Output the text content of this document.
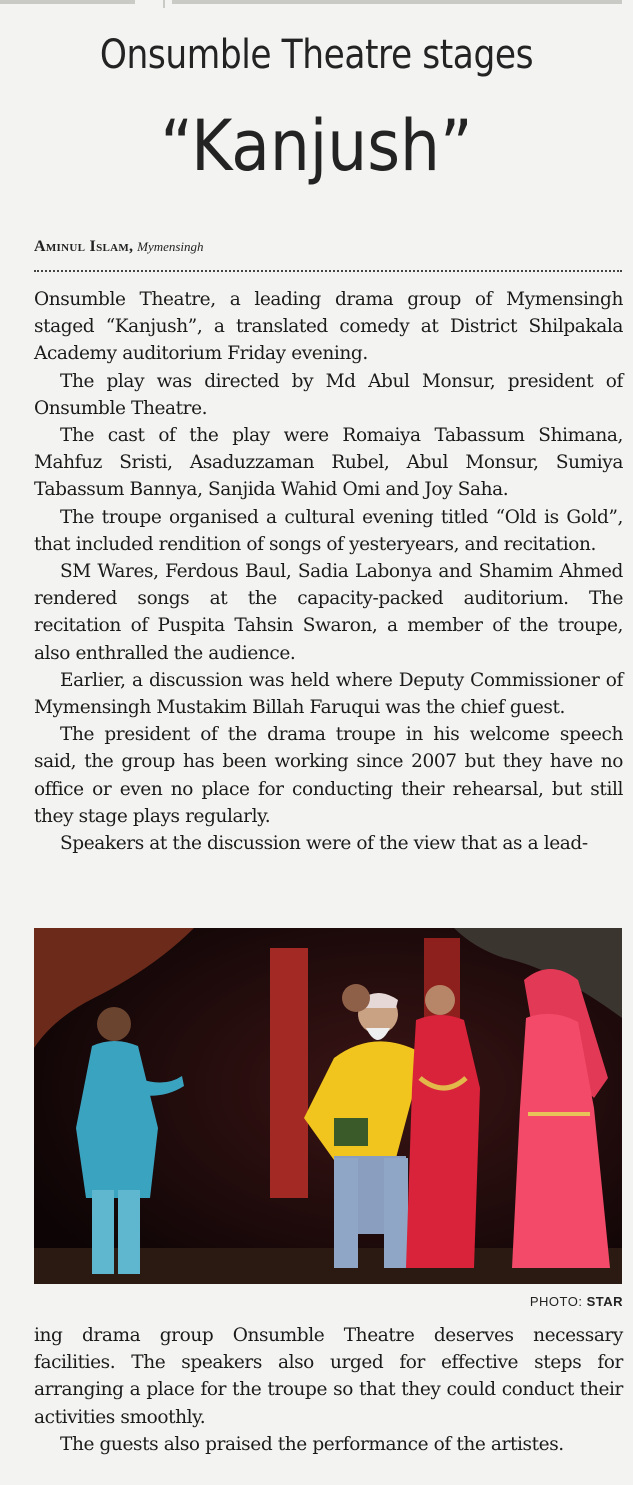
Onsumble Theatre stages
“Kanjush”
Aminul Islam, Mymensingh

Onsumble Theatre, a leading drama group of Mymensingh staged “Kanjush”, a translated comedy at District Shilpakala Academy auditorium Friday evening.

The play was directed by Md Abul Monsur, president of Onsumble Theatre.

The cast of the play were Romaiya Tabassum Shimana, Mahfuz Sristi, Asaduzzaman Rubel, Abul Monsur, Sumiya Tabassum Bannya, Sanjida Wahid Omi and Joy Saha.

The troupe organised a cultural evening titled “Old is Gold”, that included rendition of songs of yesteryears, and recitation.

SM Wares, Ferdous Baul, Sadia Labonya and Shamim Ahmed rendered songs at the capacity-packed auditorium. The recitation of Puspita Tahsin Swaron, a member of the troupe, also enthralled the audience.

Earlier, a discussion was held where Deputy Commissioner of Mymensingh Mustakim Billah Faruqui was the chief guest.

The president of the drama troupe in his welcome speech said, the group has been working since 2007 but they have no office or even no place for conducting their rehearsal, but still they stage plays regularly.

Speakers at the discussion were of the view that as a lead-

PHOTO: STAR

ing drama group Onsumble Theatre deserves necessary facilities. The speakers also urged for effective steps for arranging a place for the troupe so that they could conduct their activities smoothly.

The guests also praised the performance of the artistes.
